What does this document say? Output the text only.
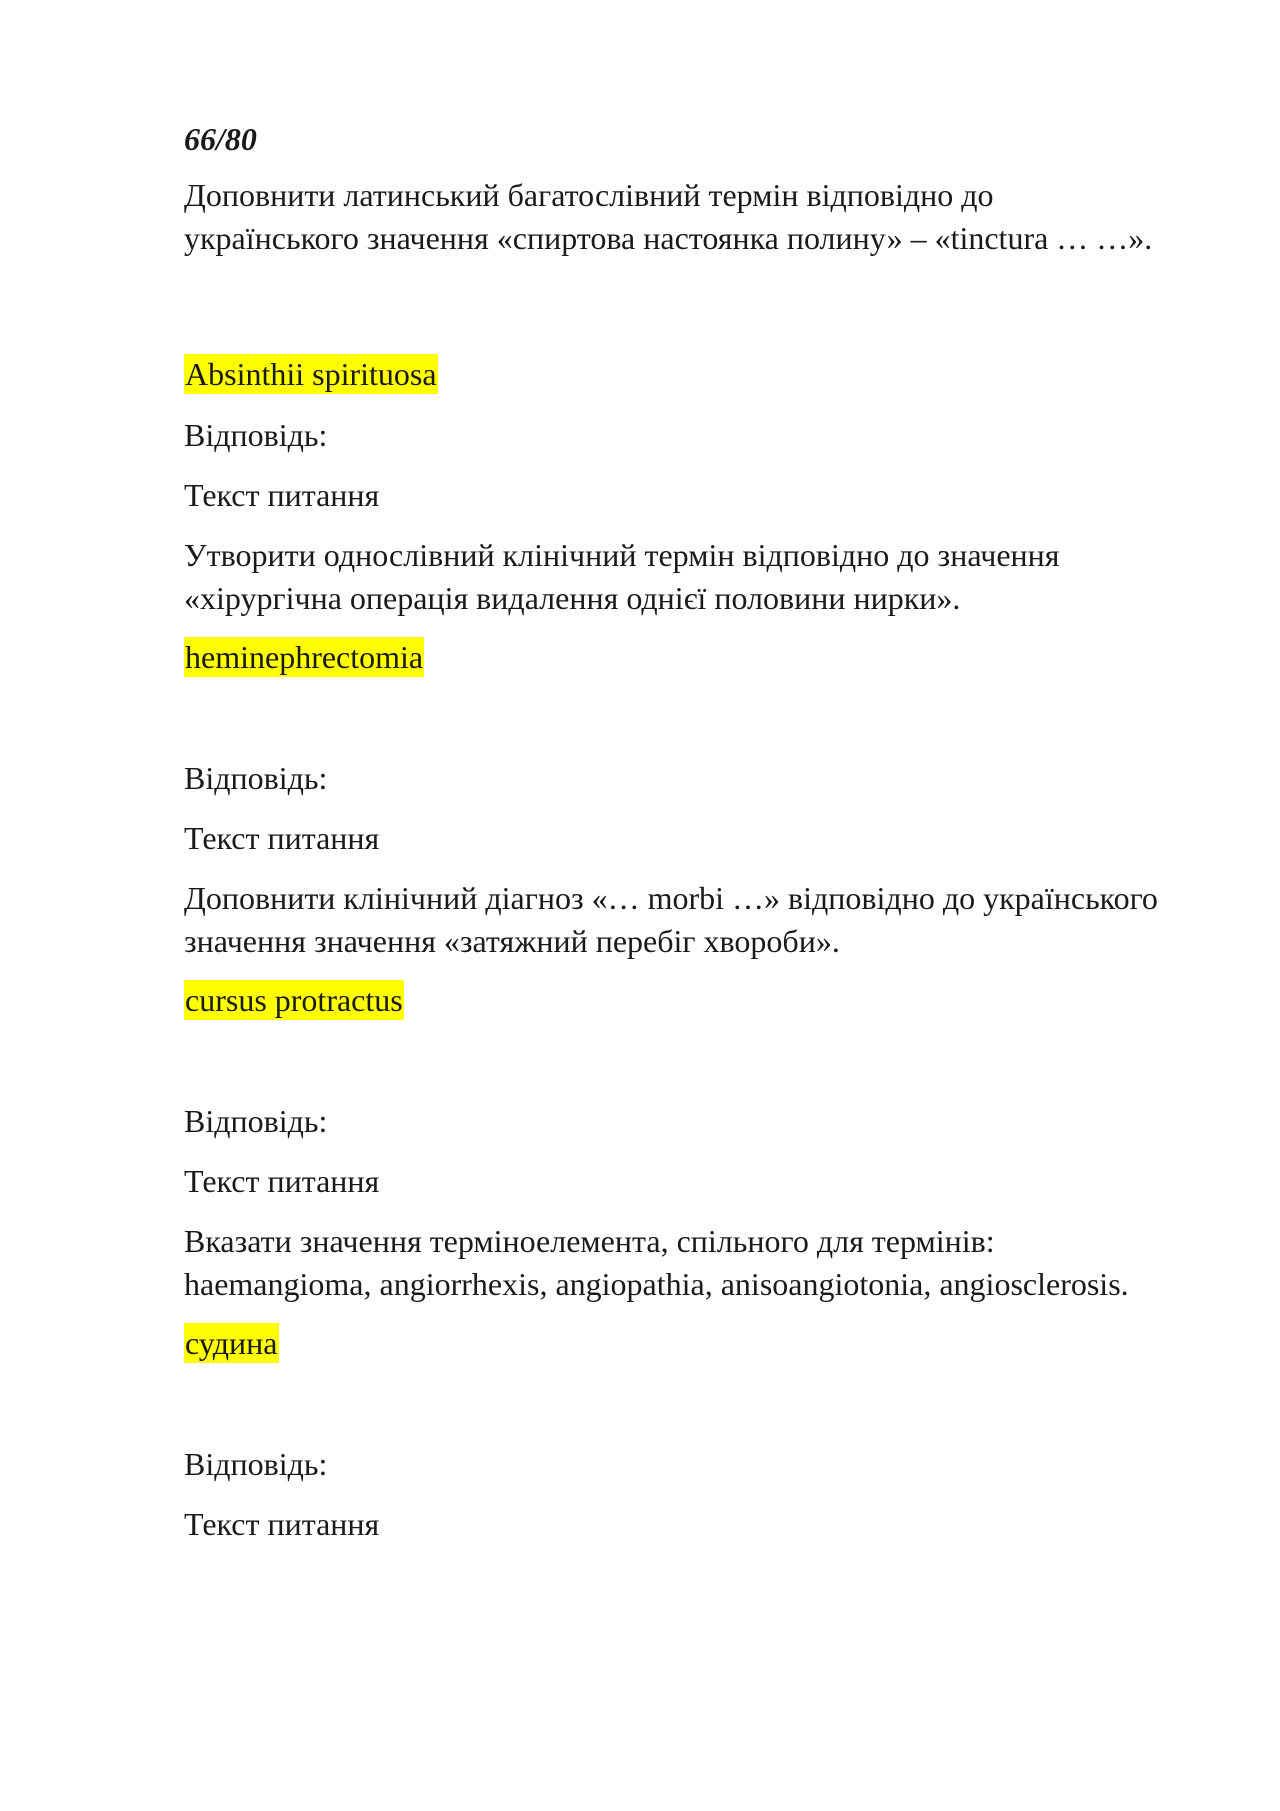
66/80

Доповнити латинський багатослівний термін відповідно до українського значення «спиртова настоянка полину» – «tinctura … …».

Absinthii spirituosa

Відповідь:

Текст питання

Утворити однослівний клінічний термін відповідно до значення «хірургічна операція видалення однієї половини нирки».

heminephrectomia

Відповідь:

Текст питання

Доповнити клінічний діагноз «… morbi …» відповідно до українського значення значення «затяжний перебіг хвороби».

cursus protractus

Відповідь:

Текст питання

Вказати значення терміноелемента, спільного для термінів: haemangioma, angiorrhexis, angiopathia, anisoangiotonia, angiosclerosis.

судина

Відповідь:

Текст питання
